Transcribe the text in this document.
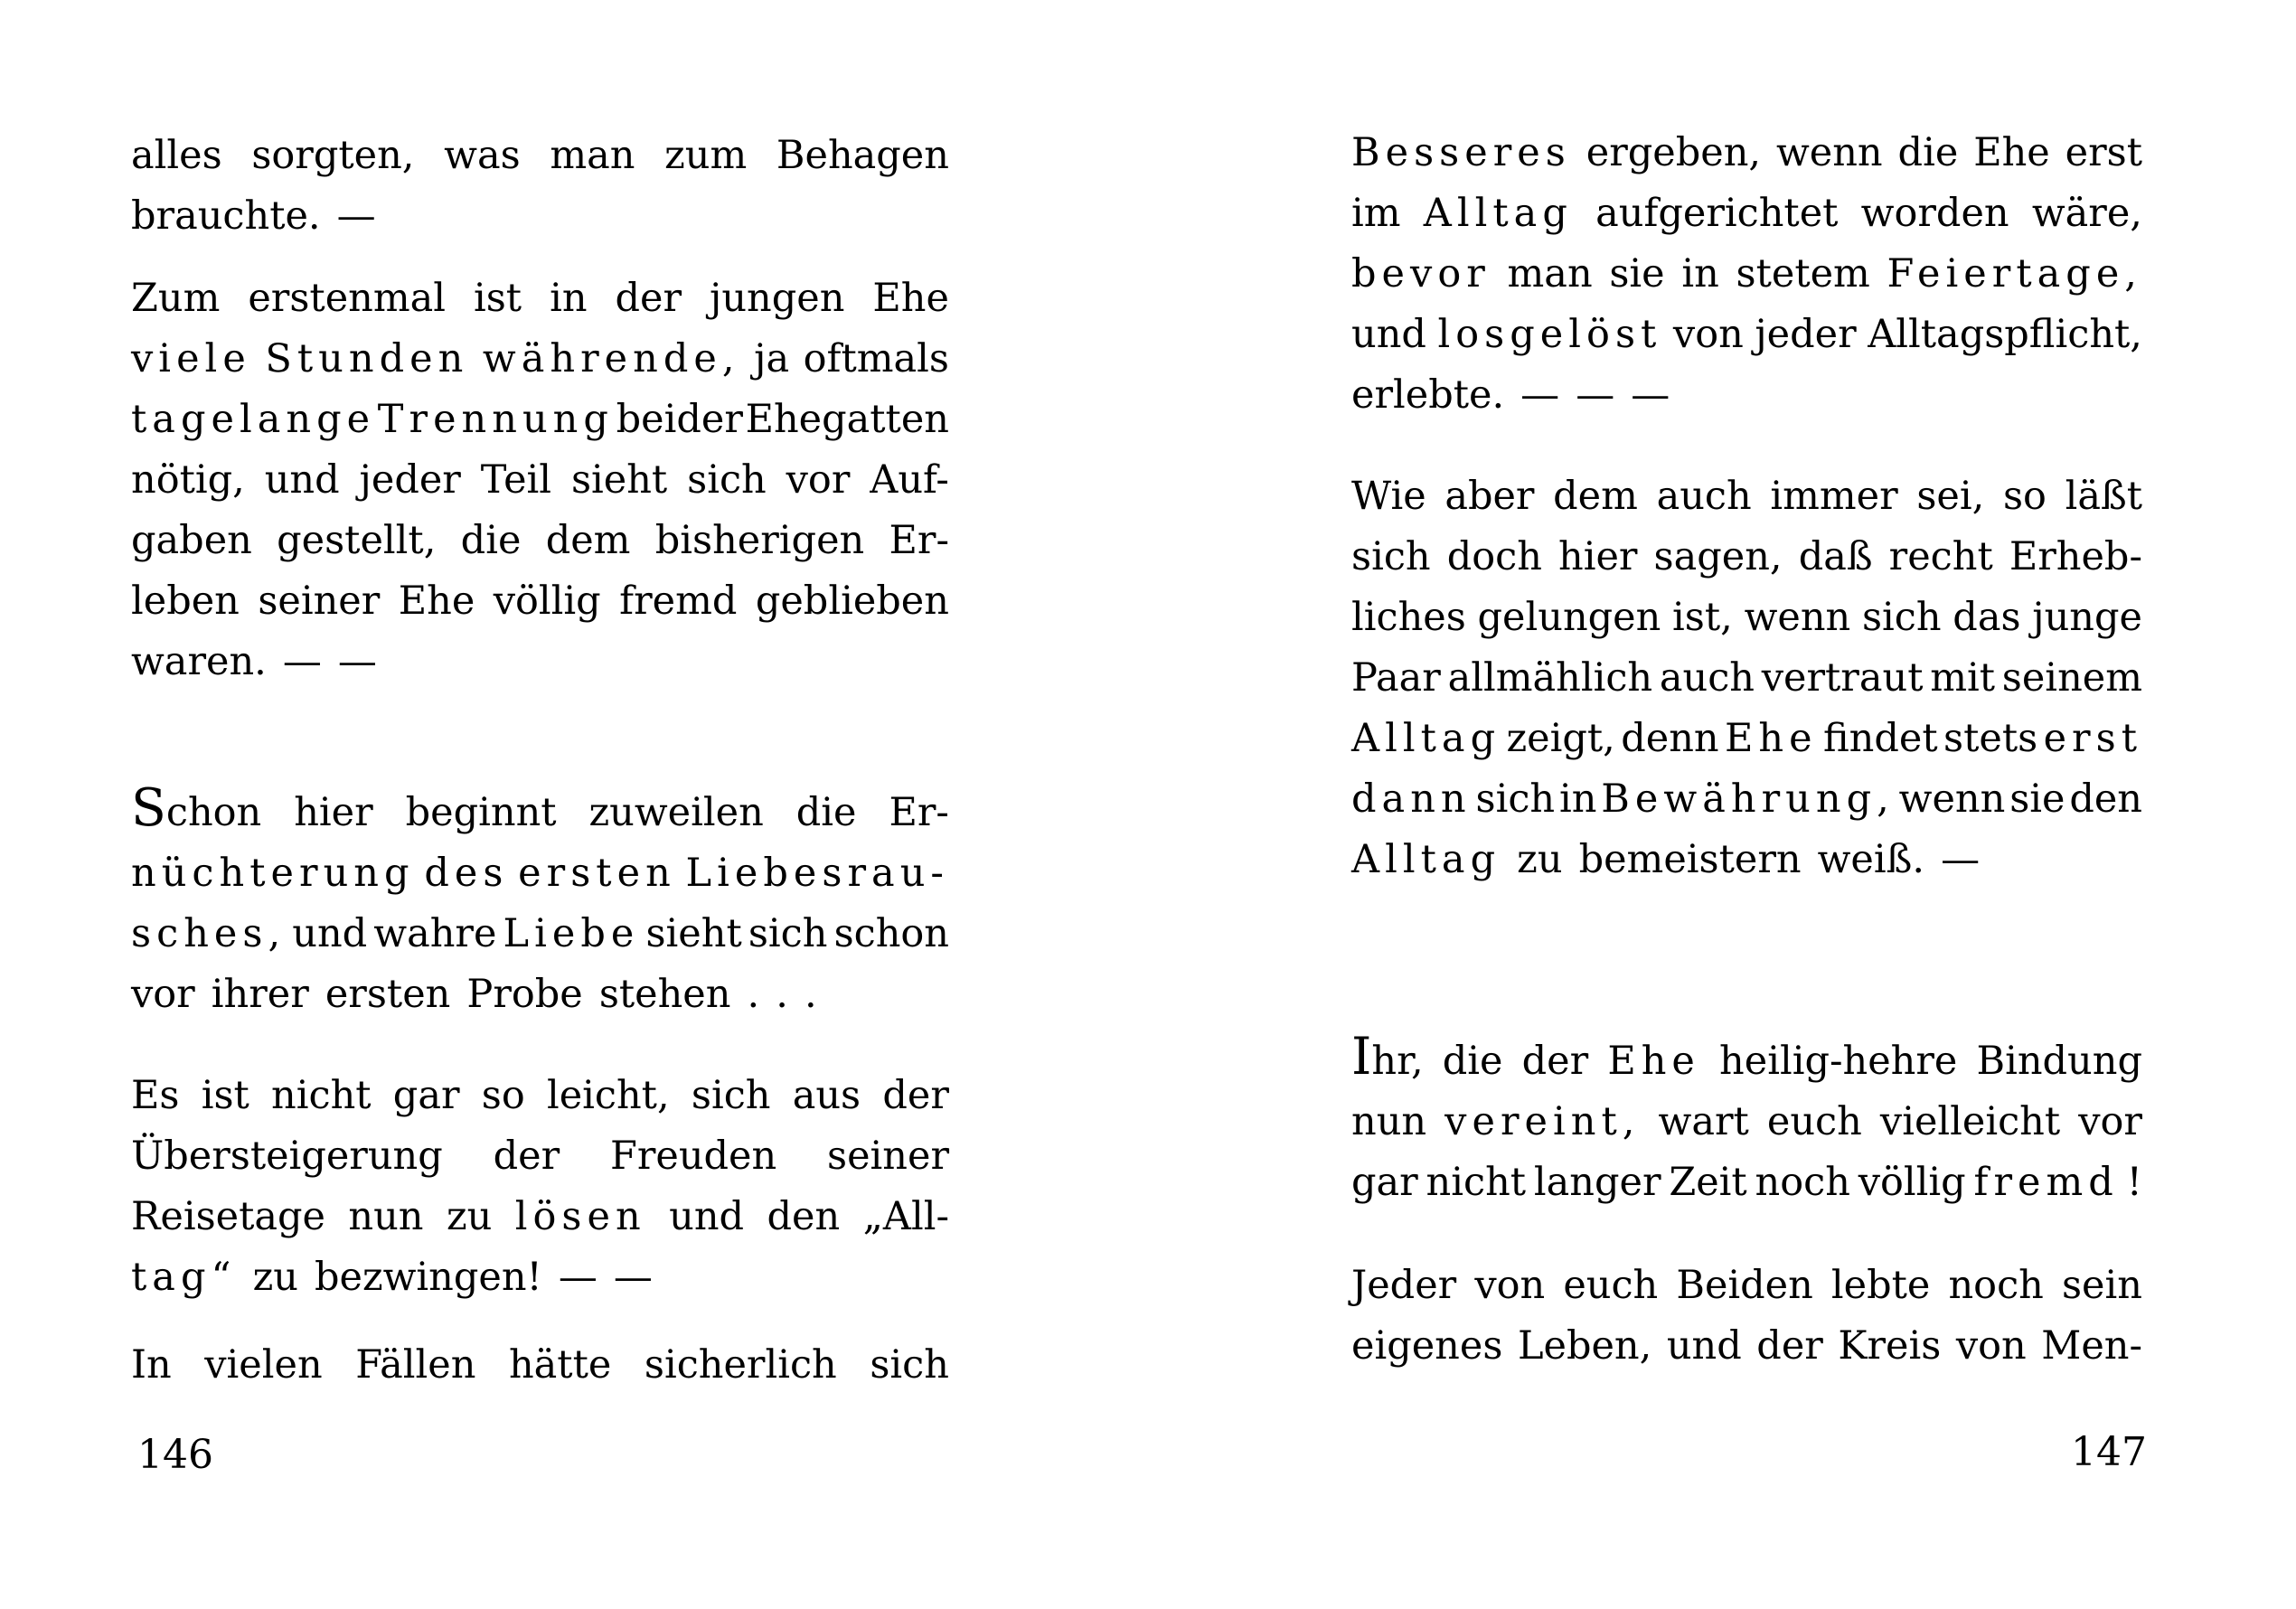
alles sorgten, was man zum Behagen
brauchte. —
Zum erstenmal ist in der jungen Ehe
viele Stunden währende, ja oftmals
tagelange Trennung beider Ehegatten
nötig, und jeder Teil sieht sich vor Auf-
gaben gestellt, die dem bisherigen Er-
leben seiner Ehe völlig fremd geblieben
waren. — —
Schon hier beginnt zuweilen die Er-
nüchterung des ersten Liebesrau-
sches, und wahre Liebe sieht sich schon
vor ihrer ersten Probe stehen . . .
Es ist nicht gar so leicht, sich aus der
Übersteigerung der Freuden seiner
Reisetage nun zu lösen und den „All-
tag“ zu bezwingen! — —
In vielen Fällen hätte sicherlich sich
Besseres ergeben, wenn die Ehe erst
im Alltag aufgerichtet worden wäre,
bevor man sie in stetem Feiertage,
und losgelöst von jeder Alltagspflicht,
erlebte. — — —
Wie aber dem auch immer sei, so läßt
sich doch hier sagen, daß recht Erheb-
liches gelungen ist, wenn sich das junge
Paar allmählich auch vertraut mit seinem
Alltag zeigt, denn Ehe findet stets erst
dann sich in Bewährung, wenn sie den
Alltag zu bemeistern weiß. —
Ihr, die der Ehe heilig-hehre Bindung
nun vereint, wart euch vielleicht vor
gar nicht langer Zeit noch völlig fremd !
Jeder von euch Beiden lebte noch sein
eigenes Leben, und der Kreis von Men-
146	147
